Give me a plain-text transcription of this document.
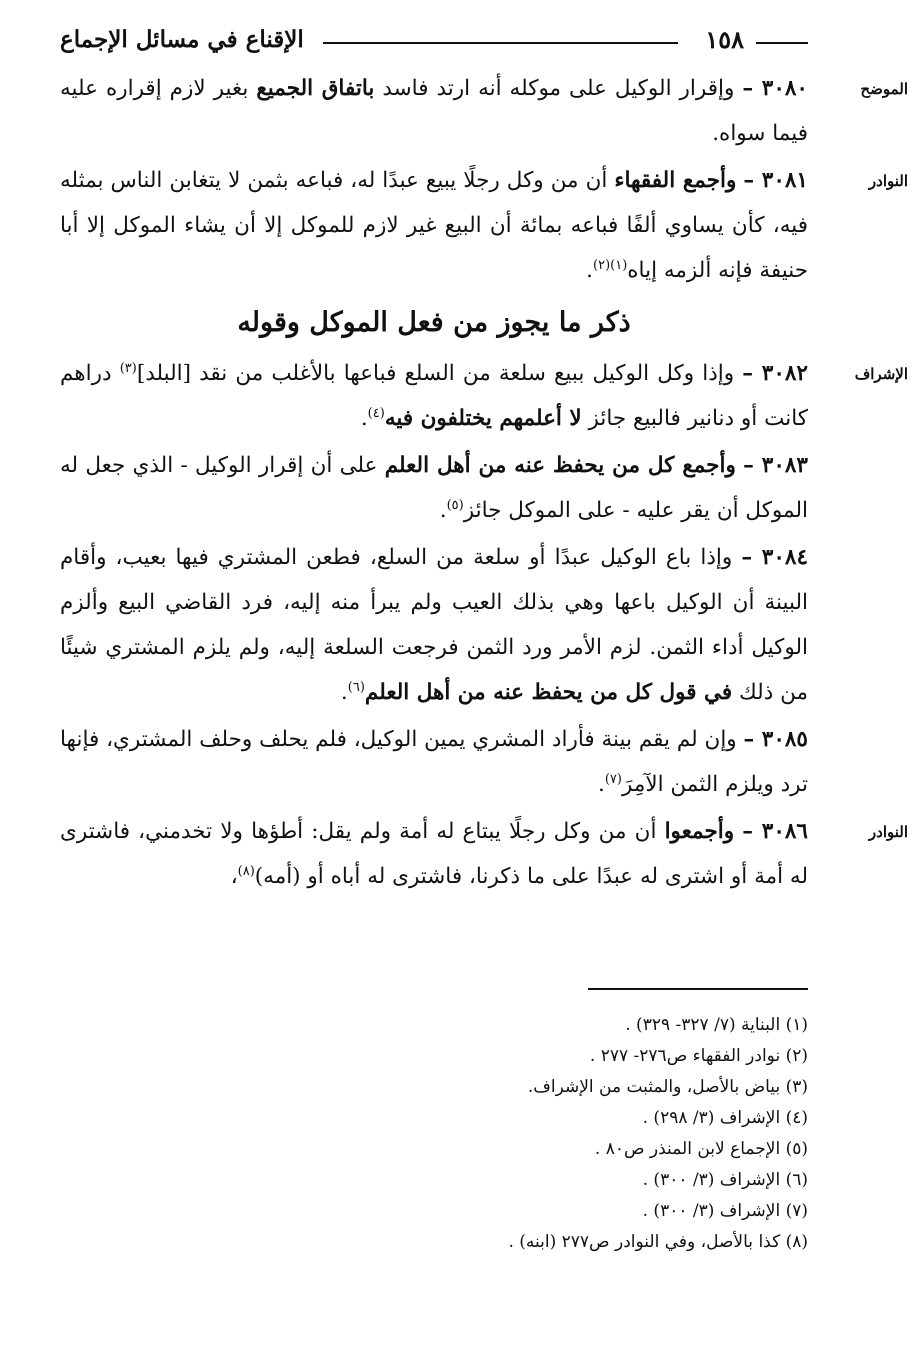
١٥٨
الإقناع في مسائل الإجماع

الموضح
٣٠٨٠ – وإقرار الوكيل على موكله أنه ارتد فاسد باتفاق الجميع بغير لازم إقراره عليه فيما سواه.

النوادر
٣٠٨١ – وأجمع الفقهاء أن من وكل رجلًا يبيع عبدًا له، فباعه بثمن لا يتغابن الناس بمثله فيه، كأن يساوي ألفًا فباعه بمائة أن البيع غير لازم للموكل إلا أن يشاء الموكل إلا أبا حنيفة فإنه ألزمه إياه$^{(١)(٢)}$.

ذكر ما يجوز من فعل الموكل وقوله

الإشراف
٣٠٨٢ – وإذا وكل الوكيل ببيع سلعة من السلع فباعها بالأغلب من نقد [البلد]$^{(٣)}$ دراهم كانت أو دنانير فالبيع جائز لا أعلمهم يختلفون فيه$^{(٤)}$.

٣٠٨٣ – وأجمع كل من يحفظ عنه من أهل العلم على أن إقرار الوكيل - الذي جعل له الموكل أن يقر عليه - على الموكل جائز$^{(٥)}$.

٣٠٨٤ – وإذا باع الوكيل عبدًا أو سلعة من السلع، فطعن المشتري فيها بعيب، وأقام البينة أن الوكيل باعها وهي بذلك العيب ولم يبرأ منه إليه، فرد القاضي البيع وألزم الوكيل أداء الثمن. لزم الأمر ورد الثمن فرجعت السلعة إليه، ولم يلزم المشتري شيئًا من ذلك في قول كل من يحفظ عنه من أهل العلم$^{(٦)}$.

٣٠٨٥ – وإن لم يقم بينة فأراد المشري يمين الوكيل، فلم يحلف وحلف المشتري، فإنها ترد ويلزم الثمن الآمِرَ$^{(٧)}$.

النوادر
٣٠٨٦ – وأجمعوا أن من وكل رجلًا يبتاع له أمة ولم يقل: أطؤها ولا تخدمني، فاشترى له أمة أو اشترى له عبدًا على ما ذكرنا، فاشترى له أباه أو (أمه)$^{(٨)}$،

(١) البناية (٧/ ٣٢٧- ٣٢٩) .
(٢) نوادر الفقهاء ص٢٧٦- ٢٧٧ .
(٣) بياض بالأصل، والمثبت من الإشراف.
(٤) الإشراف (٣/ ٢٩٨) .
(٥) الإجماع لابن المنذر ص٨٠ .
(٦) الإشراف (٣/ ٣٠٠) .
(٧) الإشراف (٣/ ٣٠٠) .
(٨) كذا بالأصل، وفي النوادر ص٢٧٧ (ابنه) .
